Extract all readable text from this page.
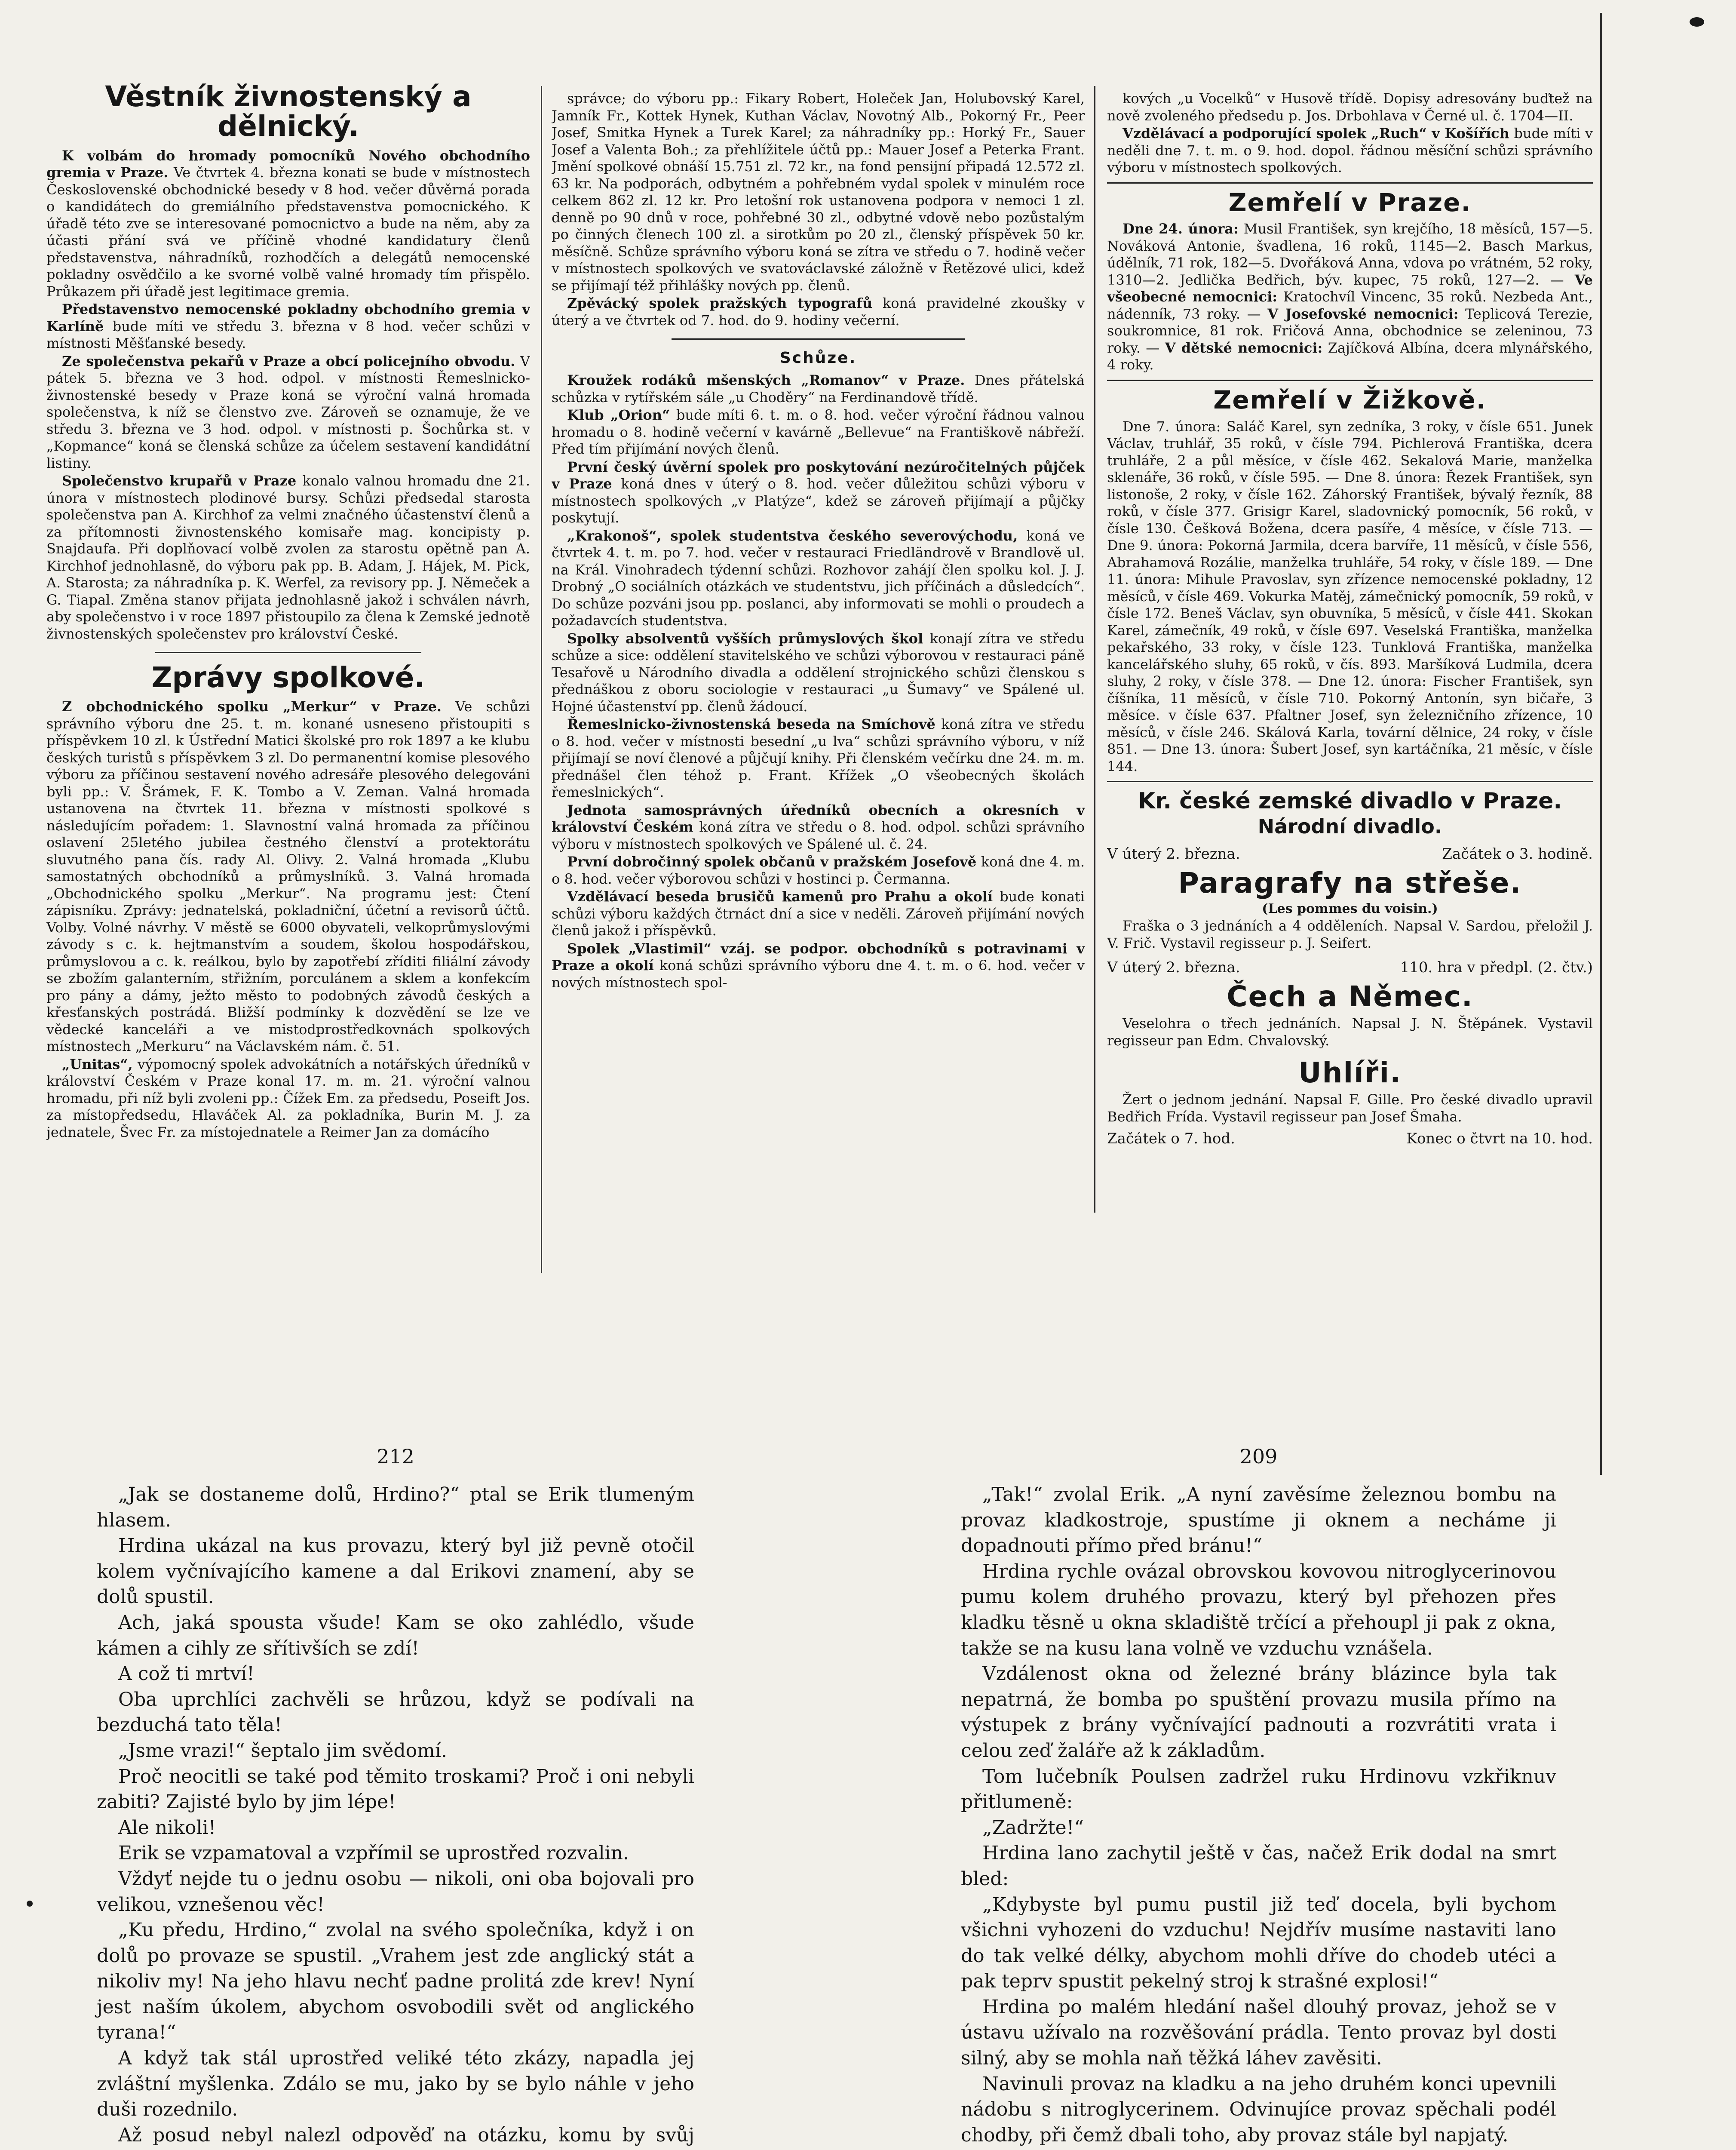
Věstník živnostenský a dělnický.

K volbám do hromady pomocníků Nového obchodního gremia v Praze. Ve čtvrtek 4. března konati se bude v místnostech Československé obchodnické besedy v 8 hod. večer důvěrná porada o kandidátech do gremiálního představenstva pomocnického. K úřadě této zve se interesované pomocnictvo a bude na něm, aby za účasti přání svá ve příčině vhodné kandidatury členů představenstva, náhradníků, rozhodčích a delegátů nemocenské pokladny osvědčilo a ke svorné volbě valné hromady tím přispělo. Průkazem při úřadě jest legitimace gremia.

Představenstvo nemocenské pokladny obchodního gremia v Karlíně bude míti ve středu 3. března v 8 hod. večer schůzi v místnosti Měšťanské besedy.

Ze společenstva pekařů v Praze a obcí policejního obvodu. V pátek 5. března ve 3 hod. odpol. v místnosti Řemeslnicko-živnostenské besedy v Praze koná se výroční valná hromada společenstva, k níž se členstvo zve. Zároveň se oznamuje, že ve středu 3. března ve 3 hod. odpol. v místnosti p. Šochůrka st. v „Kopmance“ koná se členská schůze za účelem sestavení kandidátní listiny.

Společenstvo krupařů v Praze konalo valnou hromadu dne 21. února v místnostech plodinové bursy. Schůzi předsedal starosta společenstva pan A. Kirchhof za velmi značného účastenství členů a za přítomnosti živnostenského komisaře mag. koncipisty p. Snajdaufa. Při doplňovací volbě zvolen za starostu opětně pan A. Kirchhof jednohlasně, do výboru pak pp. B. Adam, J. Hájek, M. Pick, A. Starosta; za náhradníka p. K. Werfel, za revisory pp. J. Němeček a G. Tiapal. Změna stanov přijata jednohlasně jakož i schválen návrh, aby společenstvo i v roce 1897 přistoupilo za člena k Zemské jednotě živnostenských společenstev pro království České.

Zprávy spolkové.

Z obchodnického spolku „Merkur“ v Praze. Ve schůzi správního výboru dne 25. t. m. konané usneseno přistoupiti s příspěvkem 10 zl. k Ústřední Matici školské pro rok 1897 a ke klubu českých turistů s příspěvkem 3 zl. Do permanentní komise plesového výboru za příčinou sestavení nového adresáře plesového delegováni byli pp.: V. Šrámek, F. K. Tombo a V. Zeman. Valná hromada ustanovena na čtvrtek 11. března v místnosti spolkové s následujícím pořadem: 1. Slavnostní valná hromada za příčinou oslavení 25letého jubilea čestného členství a protektorátu sluvutného pana čís. rady Al. Olivy. 2. Valná hromada „Klubu samostatných obchodníků a průmyslníků. 3. Valná hromada „Obchodnického spolku „Merkur“. Na programu jest: Čtení zápisníku. Zprávy: jednatelská, pokladniční, účetní a revisorů účtů. Volby. Volné návrhy. V městě se 6000 obyvateli, velkoprůmyslovými závody s c. k. hejtmanstvím a soudem, školou hospodářskou, průmyslovou a c. k. reálkou, bylo by zapotřebí zříditi filiální závody se zbožím galanterním, střižním, porculánem a sklem a konfekcím pro pány a dámy, ježto město to podobných závodů českých a křesťanských postrádá. Bližší podmínky k dozvědění se lze ve vědecké kanceláři a ve mistodprostředkovnách spolkových místnostech „Merkuru“ na Václavském nám. č. 51.

„Unitas“, výpomocný spolek advokátních a notářských úředníků v království Českém v Praze konal 17. m. m. 21. výroční valnou hromadu, při níž byli zvoleni pp.: Čížek Em. za předsedu, Poseift Jos. za místopředsedu, Hlaváček Al. za pokladníka, Burin M. J. za jednatele, Švec Fr. za místojednatele a Reimer Jan za domácího

správce; do výboru pp.: Fikary Robert, Holeček Jan, Holubovský Karel, Jamník Fr., Kottek Hynek, Kuthan Václav, Novotný Alb., Pokorný Fr., Peer Josef, Smitka Hynek a Turek Karel; za náhradníky pp.: Horký Fr., Sauer Josef a Valenta Boh.; za přehlížitele účtů pp.: Mauer Josef a Peterka Frant. Jmění spolkové obnáší 15.751 zl. 72 kr., na fond pensijní připadá 12.572 zl. 63 kr. Na podporách, odbytném a pohřebném vydal spolek v minulém roce celkem 862 zl. 12 kr. Pro letošní rok ustanovena podpora v nemoci 1 zl. denně po 90 dnů v roce, pohřebné 30 zl., odbytné vdově nebo pozůstalým po činných členech 100 zl. a sirotkům po 20 zl., členský příspěvek 50 kr. měsíčně. Schůze správního výboru koná se zítra ve středu o 7. hodině večer v místnostech spolkových ve svatováclavské záložně v Řetězové ulici, kdež se přijímají též přihlášky nových pp. členů.

Zpěvácký spolek pražských typografů koná pravidelné zkoušky v úterý a ve čtvrtek od 7. hod. do 9. hodiny večerní.

Schůze.

Kroužek rodáků mšenských „Romanov“ v Praze. Dnes přátelská schůzka v rytířském sále „u Choděry“ na Ferdinandově třídě.

Klub „Orion“ bude míti 6. t. m. o 8. hod. večer výroční řádnou valnou hromadu o 8. hodině večerní v kavárně „Bellevue“ na Františkově nábřeží. Před tím přijímání nových členů.

První český úvěrní spolek pro poskytování nezúročitelných půjček v Praze koná dnes v úterý o 8. hod. večer důležitou schůzi výboru v místnostech spolkových „v Platýze“, kdež se zároveň přijímají a půjčky poskytují.

„Krakonoš“, spolek studentstva českého severovýchodu, koná ve čtvrtek 4. t. m. po 7. hod. večer v restauraci Friedländrově v Brandlově ul. na Král. Vinohradech týdenní schůzi. Rozhovor zahájí člen spolku kol. J. J. Drobný „O sociálních otázkách ve studentstvu, jich příčinách a důsledcích“. Do schůze pozváni jsou pp. poslanci, aby informovati se mohli o proudech a požadavcích studentstva.

Spolky absolventů vyšších průmyslových škol konají zítra ve středu schůze a sice: oddělení stavitelského ve schůzi výborovou v restauraci páně Tesařově u Národního divadla a oddělení strojnického schůzi členskou s přednáškou z oboru sociologie v restauraci „u Šumavy“ ve Spálené ul. Hojné účastenství pp. členů žádoucí.

Řemeslnicko-živnostenská beseda na Smíchově koná zítra ve středu o 8. hod. večer v místnosti besední „u lva“ schůzi správního výboru, v níž přijímají se noví členové a půjčují knihy. Při členském večírku dne 24. m. m. přednášel člen téhož p. Frant. Křížek „O všeobecných školách řemeslnických“.

Jednota samosprávných úředníků obecních a okresních v království Českém koná zítra ve středu o 8. hod. odpol. schůzi správního výboru v místnostech spolkových ve Spálené ul. č. 24.

První dobročinný spolek občanů v pražském Josefově koná dne 4. m. o 8. hod. večer výborovou schůzi v hostinci p. Čermanna.

Vzdělávací beseda brusičů kamenů pro Prahu a okolí bude konati schůzi výboru každých čtrnáct dní a sice v neděli. Zároveň přijímání nových členů jakož i příspěvků.

Spolek „Vlastimil“ vzáj. se podpor. obchodníků s potravinami v Praze a okolí koná schůzi správního výboru dne 4. t. m. o 6. hod. večer v nových místnostech spol-

kových „u Vocelků“ v Husově třídě. Dopisy adresovány buďtež na nově zvoleného předsedu p. Jos. Drbohlava v Černé ul. č. 1704—II.

Vzdělávací a podporující spolek „Ruch“ v Košířích bude míti v neděli dne 7. t. m. o 9. hod. dopol. řádnou měsíční schůzi správního výboru v místnostech spolkových.

Zemřelí v Praze.

Dne 24. února: Musil František, syn krejčího, 18 měsíců, 157—5. Nováková Antonie, švadlena, 16 roků, 1145—2. Basch Markus, údělník, 71 rok, 182—5. Dvořáková Anna, vdova po vrátném, 52 roky, 1310—2. Jedlička Bedřich, býv. kupec, 75 roků, 127—2. — Ve všeobecné nemocnici: Kratochvíl Vincenc, 35 roků. Nezbeda Ant., nádenník, 73 roky. — V Josefovské nemocnici: Teplicová Terezie, soukromnice, 81 rok. Fričová Anna, obchodnice se zeleninou, 73 roky. — V dětské nemocnici: Zajíčková Albína, dcera mlynářského, 4 roky.

Zemřelí v Žižkově.

Dne 7. února: Saláč Karel, syn zedníka, 3 roky, v čísle 651. Junek Václav, truhlář, 35 roků, v čísle 794. Pichlerová Františka, dcera truhláře, 2 a půl měsíce, v čísle 462. Sekalová Marie, manželka sklenáře, 36 roků, v čísle 595. — Dne 8. února: Řezek František, syn listonoše, 2 roky, v čísle 162. Záhorský František, bývalý řezník, 88 roků, v čísle 377. Grisigr Karel, sladovnický pomocník, 56 roků, v čísle 130. Češková Božena, dcera pasíře, 4 měsíce, v čísle 713. — Dne 9. února: Pokorná Jarmila, dcera barvíře, 11 měsíců, v čísle 556, Abrahamová Rozálie, manželka truhláře, 54 roky, v čísle 189. — Dne 11. února: Mihule Pravoslav, syn zřízence nemocenské pokladny, 12 měsíců, v čísle 469. Vokurka Matěj, zámečnický pomocník, 59 roků, v čísle 172. Beneš Václav, syn obuvníka, 5 měsíců, v čísle 441. Skokan Karel, zámečník, 49 roků, v čísle 697. Veselská Františka, manželka pekařského, 33 roky, v čísle 123. Tunklová Františka, manželka kancelářského sluhy, 65 roků, v čís. 893. Maršíková Ludmila, dcera sluhy, 2 roky, v čísle 378. — Dne 12. února: Fischer František, syn číšníka, 11 měsíců, v čísle 710. Pokorný Antonín, syn bičaře, 3 měsíce. v čísle 637. Pfaltner Josef, syn železničního zřízence, 10 měsíců, v čísle 246. Skálová Karla, tovární dělnice, 24 roky, v čísle 851. — Dne 13. února: Šubert Josef, syn kartáčníka, 21 měsíc, v čísle 144.

Kr. české zemské divadlo v Praze.
Národní divadlo.
V úterý 2. března.	Začátek o 3. hodině.
Paragrafy na střeše.
(Les pommes du voisin.)
Fraška o 3 jednáních a 4 odděleních. Napsal V. Sardou, přeložil J. V. Frič. Vystavil regisseur p. J. Seifert.
V úterý 2. března.	110. hra v předpl. (2. čtv.)
Čech a Němec.
Veselohra o třech jednáních. Napsal J. N. Štěpánek. Vystavil regisseur pan Edm. Chvalovský.
Uhlíři.
Žert o jednom jednání. Napsal F. Gille. Pro české divadlo upravil Bedřich Frída. Vystavil regisseur pan Josef Šmaha.
Začátek o 7. hod.	Konec o čtvrt na 10. hod.
212

„Jak se dostaneme dolů, Hrdino?“ ptal se Erik tlumeným hlasem.

Hrdina ukázal na kus provazu, který byl již pevně otočil kolem vyčnívajícího kamene a dal Erikovi znamení, aby se dolů spustil.

Ach, jaká spousta všude! Kam se oko zahlédlo, všude kámen a cihly ze sřítivších se zdí!

A což ti mrtví!

Oba uprchlíci zachvěli se hrůzou, když se podívali na bezduchá tato těla!

„Jsme vrazi!“ šeptalo jim svědomí.

Proč neocitli se také pod těmito troskami? Proč i oni nebyli zabiti? Zajisté bylo by jim lépe!

Ale nikoli!

Erik se vzpamatoval a vzpřímil se uprostřed rozvalin.

Vždyť nejde tu o jednu osobu — nikoli, oni oba bojovali pro velikou, vznešenou věc!

„Ku předu, Hrdino,“ zvolal na svého společníka, když i on dolů po provaze se spustil. „Vrahem jest zde anglický stát a nikoliv my! Na jeho hlavu nechť padne prolitá zde krev! Nyní jest naším úkolem, abychom osvobodili svět od anglického tyrana!“

A když tak stál uprostřed veliké této zkázy, napadla jej zvláštní myšlenka. Zdálo se mu, jako by se bylo náhle v jeho duši rozednilo.

Až posud nebyl nalezl odpověď na otázku, komu by svůj

209

„Tak!“ zvolal Erik. „A nyní zavěsíme železnou bombu na provaz kladkostroje, spustíme ji oknem a necháme ji dopadnouti přímo před bránu!“

Hrdina rychle ovázal obrovskou kovovou nitroglycerinovou pumu kolem druhého provazu, který byl přehozen přes kladku těsně u okna skladiště trčící a přehoupl ji pak z okna, takže se na kusu lana volně ve vzduchu vznášela.

Vzdálenost okna od železné brány blázince byla tak nepatrná, že bomba po spuštění provazu musila přímo na výstupek z brány vyčnívající padnouti a rozvrátiti vrata i celou zeď žaláře až k základům.

Tom lučebník Poulsen zadržel ruku Hrdinovu vzkřiknuv přitlumeně:

„Zadržte!“

Hrdina lano zachytil ještě v čas, načež Erik dodal na smrt bled:

„Kdybyste byl pumu pustil již teď docela, byli bychom všichni vyhozeni do vzduchu! Nejdřív musíme nastaviti lano do tak velké délky, abychom mohli dříve do chodeb utéci a pak teprv spustit pekelný stroj k strašné explosi!“

Hrdina po malém hledání našel dlouhý provaz, jehož se v ústavu užívalo na rozvěšování prádla. Tento provaz byl dosti silný, aby se mohla naň těžká láhev zavěsiti.

Navinuli provaz na kladku a na jeho druhém konci upevnili nádobu s nitroglycerinem. Odvinujíce provaz spěchali podél chodby, při čemž dbali toho, aby provaz stále byl napjatý.
